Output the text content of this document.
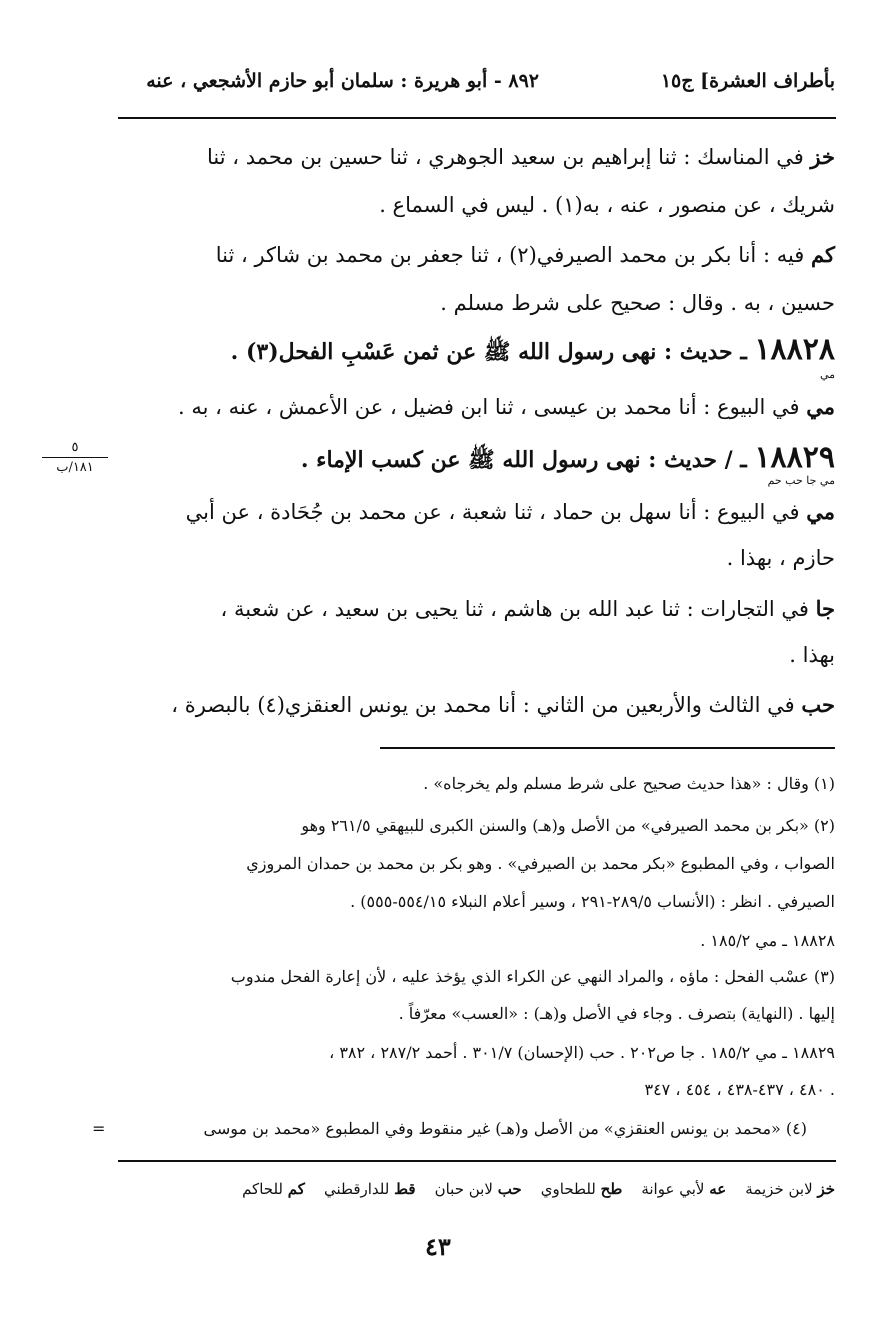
بأطراف العشرة] ج١٥
٨٩٢ - أبو هريرة : سلمان أبو حازم الأشجعي ، عنه
٥
١٨١/ب
خز في المناسك : ثنا إبراهيم بن سعيد الجوهري ، ثنا حسين بن محمد ، ثنا
شريك ، عن منصور ، عنه ، به(١) . ليس في السماع .
كم فيه : أنا بكر بن محمد الصيرفي(٢) ، ثنا جعفر بن محمد بن شاكر ، ثنا
حسين ، به . وقال : صحيح على شرط مسلم .
١٨٨٢٨ ـ حديث : نهى رسول الله ﷺ عن ثمن عَسْبِ الفحل(٣) .
مي
مي في البيوع : أنا محمد بن عيسى ، ثنا ابن فضيل ، عن الأعمش ، عنه ، به .
١٨٨٢٩ ـ / حديث : نهى رسول الله ﷺ عن كسب الإماء .
مي جا حب حم
مي في البيوع : أنا سهل بن حماد ، ثنا شعبة ، عن محمد بن جُحَادة ، عن أبي
حازم ، بهذا .
جا في التجارات : ثنا عبد الله بن هاشم ، ثنا يحيى بن سعيد ، عن شعبة ،
بهذا .
حب في الثالث والأربعين من الثاني : أنا محمد بن يونس العنقزي(٤) بالبصرة ،
(١) وقال : «هذا حديث صحيح على شرط مسلم ولم يخرجاه» .
(٢) «بكر بن محمد الصيرفي» من الأصل و(هـ) والسنن الكبرى للبيهقي ٢٦١/٥ وهو
الصواب ، وفي المطبوع «بكر محمد بن الصيرفي» . وهو بكر بن محمد بن حمدان المروزي
الصيرفي . انظر : (الأنساب ٢٨٩/٥-٢٩١ ، وسير أعلام النبلاء ٥٥٤/١٥-٥٥٥) .
١٨٨٢٨ ـ مي ١٨٥/٢ .
(٣) عسْب الفحل : ماؤه ، والمراد النهي عن الكراء الذي يؤخذ عليه ، لأن إعارة الفحل مندوب
إليها . (النهاية) بتصرف . وجاء في الأصل و(هـ) : «العسب» معرّفاً .
١٨٨٢٩ ـ مي ١٨٥/٢ . جا ص٢٠٢ . حب (الإحسان) ٣٠١/٧ . أحمد ٢٨٧/٢ ، ٣٨٢ ،
٤٨٠ ، ٤٣٧-٤٣٨ ، ٤٥٤ ، ٣٤٧ .
(٤) «محمد بن يونس العنقزي» من الأصل و(هـ) غير منقوط وفي المطبوع «محمد بن موسى
=
خز لابن خزيمة    عه لأبي عوانة    طح للطحاوي    حب لابن حبان    قط للدارقطني    كم للحاكم
٤٣
